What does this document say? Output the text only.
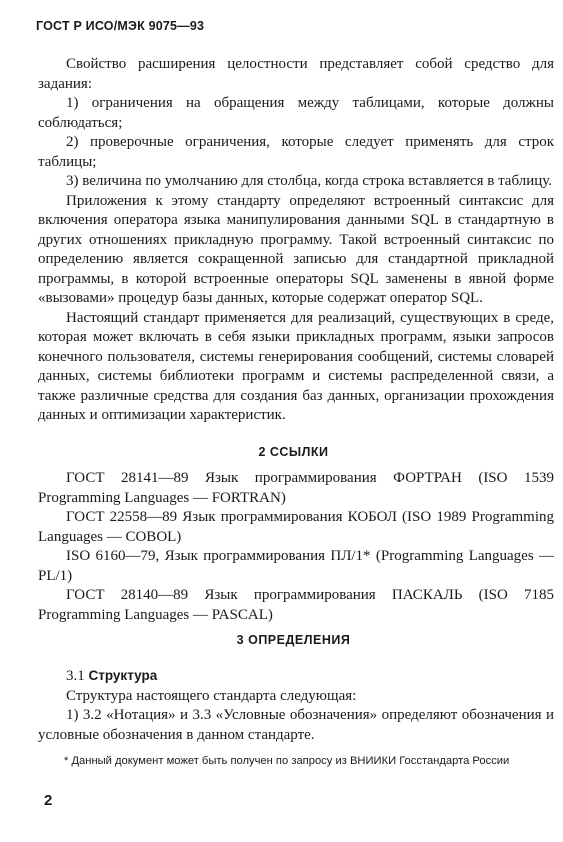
ГОСТ Р ИСО/МЭК 9075—93

Свойство расширения целостности представляет собой средство для задания:

1) ограничения на обращения между таблицами, которые должны соблюдаться;

2) проверочные ограничения, которые следует применять для строк таблицы;

3) величина по умолчанию для столбца, когда строка вставляется в таблицу.

Приложения к этому стандарту определяют встроенный синтаксис для включения оператора языка манипулирования данными SQL в стандартную в других отношениях прикладную программу. Такой встроенный синтаксис по определению является сокращенной записью для стандартной прикладной программы, в которой встроенные операторы SQL заменены в явной форме «вызовами» процедур базы данных, которые содержат оператор SQL.

Настоящий стандарт применяется для реализаций, существующих в среде, которая может включать в себя языки прикладных программ, языки запросов конечного пользователя, системы генерирования сообщений, системы словарей данных, системы библиотеки программ и системы распределенной связи, а также различные средства для создания баз данных, организации прохождения данных и оптимизации характеристик.

2 ССЫЛКИ

ГОСТ 28141—89 Язык программирования ФОРТРАН (ISO 1539 Programming Languages — FORTRAN)

ГОСТ 22558—89 Язык программирования КОБОЛ (ISO 1989 Programming Languages — COBOL)

ISO 6160—79, Язык программирования ПЛ/1* (Programming Languages — PL/1)

ГОСТ 28140—89 Язык программирования ПАСКАЛЬ (ISO 7185 Programming Languages — PASCAL)

3 ОПРЕДЕЛЕНИЯ

3.1 Структура

Структура настоящего стандарта следующая:

1) 3.2 «Нотация» и 3.3 «Условные обозначения» определяют обозначения и условные обозначения в данном стандарте.

* Данный документ может быть получен по запросу из ВНИИКИ Госстандарта России

2
